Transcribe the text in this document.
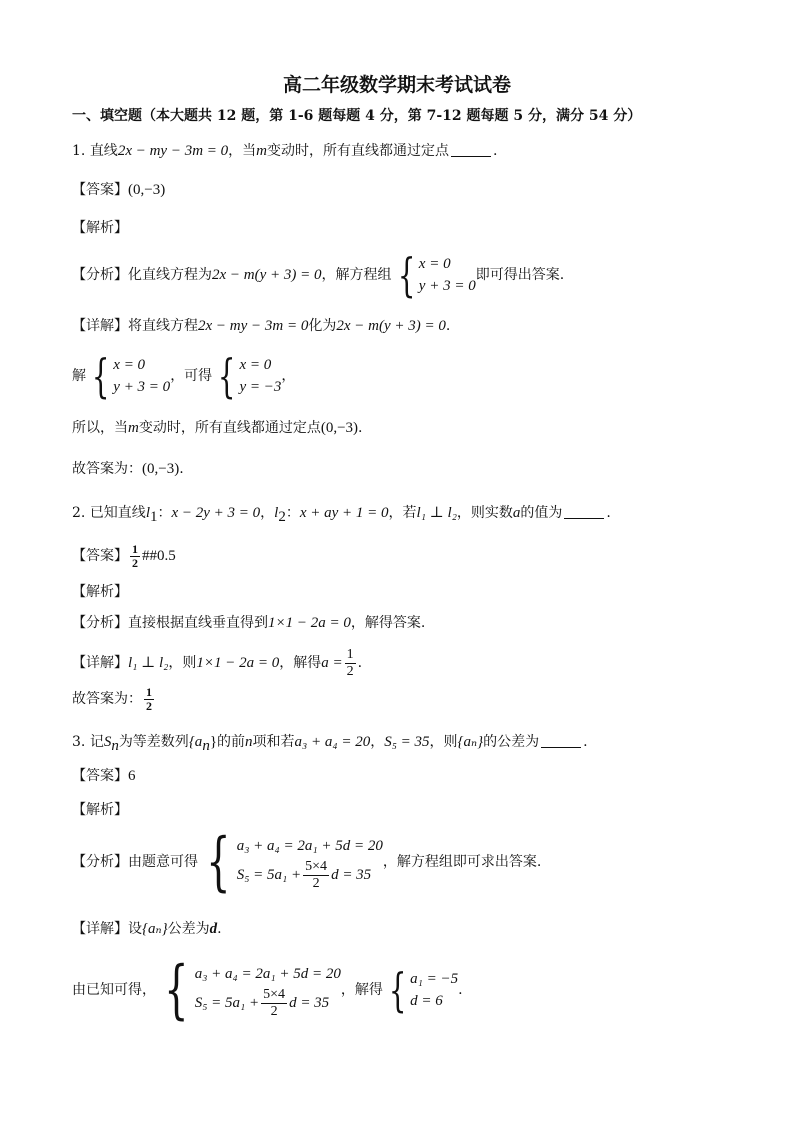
高二年级数学期末考试试卷
一、填空题（本大题共 12 题，第 1-6 题每题 4 分，第 7-12 题每题 5 分，满分 54 分）
1. 直线2x − my − 3m = 0，当m变动时，所有直线都通过定点	.
【答案】(0,−3)
【解析】
【分析】化直线方程为2x − m(y + 3) = 0，解方程组 { x = 0
y + 3 = 0
即可得出答案.
【详解】将直线方程2x − my − 3m = 0化为2x − m(y + 3) = 0.
解 { x = 0
y + 3 = 0
，可得 { x = 0
y = −3
，
所以，当m变动时，所有直线都通过定点(0,−3).
故答案为：(0,−3).
2. 已知直线$l_1$：x − 2y + 3 = 0，$l_2$：x + ay + 1 = 0，若l₁ ⊥ l₂，则实数a的值为	.
【答案】 $\frac{1}{2}$ ##0.5
【解析】
【分析】直接根据直线垂直得到1×1 − 2a = 0，解得答案.
【详解】l₁ ⊥ l₂，则1×1 − 2a = 0，解得$a = \frac{1}{2}$ .
故答案为： $\frac{1}{2}$
3. 记$S_n$为等差数列$\{a_n\}$的前n项和若a₃ + a₄ = 20，S₅ = 35，则{aₙ}的公差为	.
【答案】6
【解析】
【分析】由题意可得 { a₃ + a₄ = 2a₁ + 5d = 20
$S_5 = 5a_1 + \frac{5\times 4}{2}$ d = 35
，解方程组即可求出答案.
【详解】设{aₙ}公差为d.
由已知可得， { a₃ + a₄ = 2a₁ + 5d = 20
$S_5 = 5a_1 + \frac{5\times 4}{2}$ d = 35
，解得 { a₁ = −5
d = 6
.
